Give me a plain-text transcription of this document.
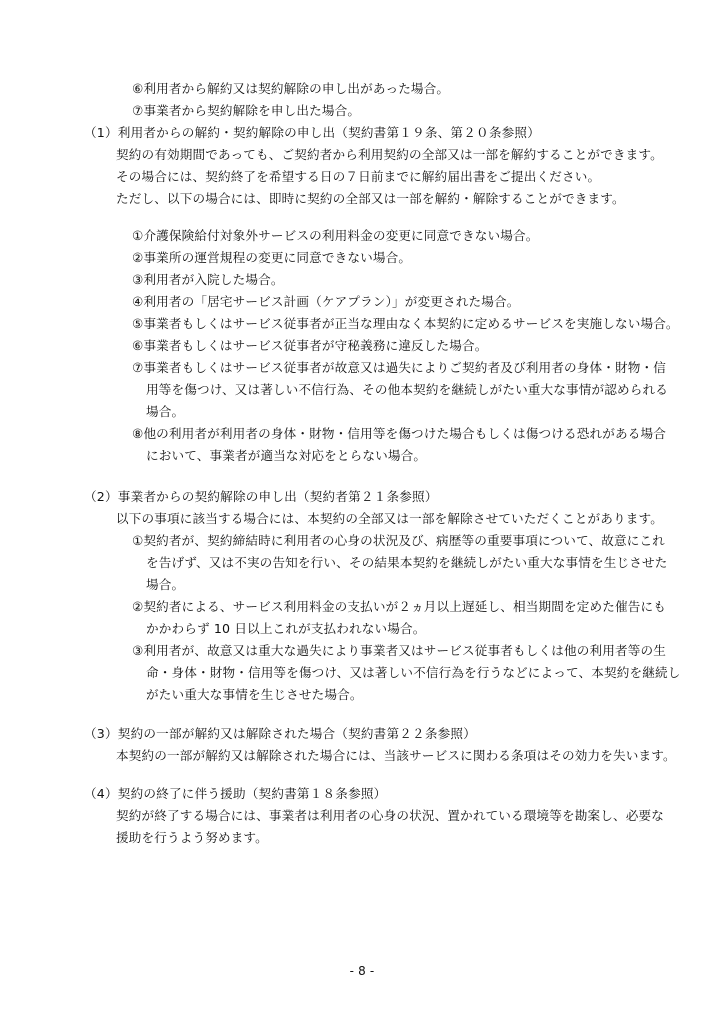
⑥利用者から解約又は契約解除の申し出があった場合。
⑦事業者から契約解除を申し出た場合。
（1）利用者からの解約・契約解除の申し出（契約書第１９条、第２０条参照）
契約の有効期間であっても、ご契約者から利用契約の全部又は一部を解約することができます。
その場合には、契約終了を希望する日の７日前までに解約届出書をご提出ください。
ただし、以下の場合には、即時に契約の全部又は一部を解約・解除することができます。
①介護保険給付対象外サービスの利用料金の変更に同意できない場合。
②事業所の運営規程の変更に同意できない場合。
③利用者が入院した場合。
④利用者の「居宅サービス計画（ケアプラン）」が変更された場合。
⑤事業者もしくはサービス従事者が正当な理由なく本契約に定めるサービスを実施しない場合。
⑥事業者もしくはサービス従事者が守秘義務に違反した場合。
⑦事業者もしくはサービス従事者が故意又は過失によりご契約者及び利用者の身体・財物・信
用等を傷つけ、又は著しい不信行為、その他本契約を継続しがたい重大な事情が認められる
場合。
⑧他の利用者が利用者の身体・財物・信用等を傷つけた場合もしくは傷つける恐れがある場合
において、事業者が適当な対応をとらない場合。
（2）事業者からの契約解除の申し出（契約者第２１条参照）
以下の事項に該当する場合には、本契約の全部又は一部を解除させていただくことがあります。
①契約者が、契約締結時に利用者の心身の状況及び、病歴等の重要事項について、故意にこれ
を告げず、又は不実の告知を行い、その結果本契約を継続しがたい重大な事情を生じさせた
場合。
②契約者による、サービス利用料金の支払いが２ヵ月以上遅延し、相当期間を定めた催告にも
かかわらず 10 日以上これが支払われない場合。
③利用者が、故意又は重大な過失により事業者又はサービス従事者もしくは他の利用者等の生
命・身体・財物・信用等を傷つけ、又は著しい不信行為を行うなどによって、本契約を継続し
がたい重大な事情を生じさせた場合。
（3）契約の一部が解約又は解除された場合（契約書第２２条参照）
本契約の一部が解約又は解除された場合には、当該サービスに関わる条項はその効力を失います。
（4）契約の終了に伴う援助（契約書第１８条参照）
契約が終了する場合には、事業者は利用者の心身の状況、置かれている環境等を勘案し、必要な
援助を行うよう努めます。
- 8 -
